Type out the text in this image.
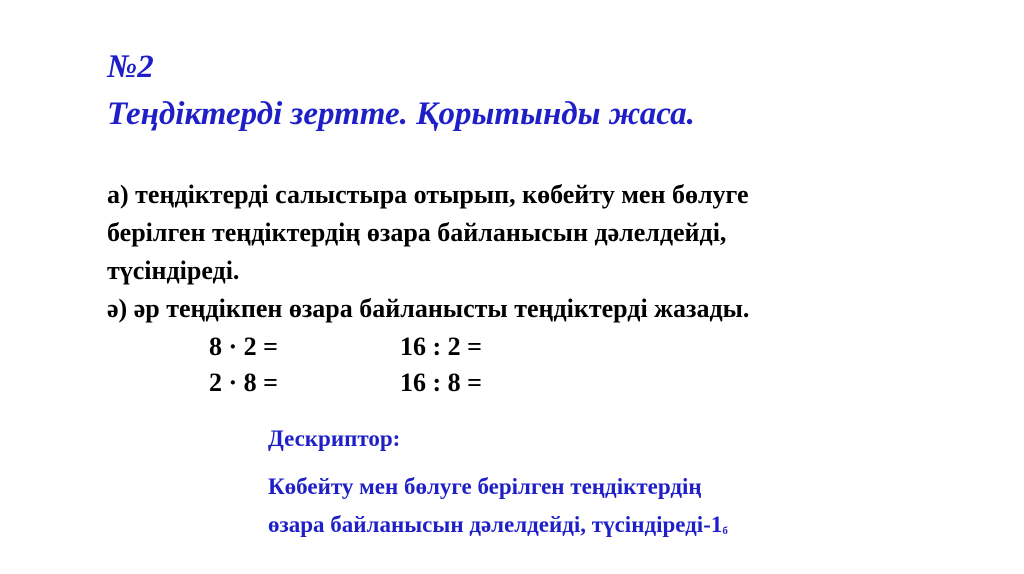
№2
Теңдіктерді зертте. Қорытынды жаса.
а) теңдіктерді салыстыра отырып, көбейту мен бөлуге
берілген теңдіктердің өзара байланысын дәлелдейді,
түсіндіреді.
ә) әр теңдікпен өзара байланысты теңдіктерді жазады.
8 · 2 =	16 : 2 =
2 · 8 =	16 : 8 =
Дескриптор:
Көбейту мен бөлуге берілген теңдіктердің
өзара байланысын дәлелдейді, түсіндіреді-1б
